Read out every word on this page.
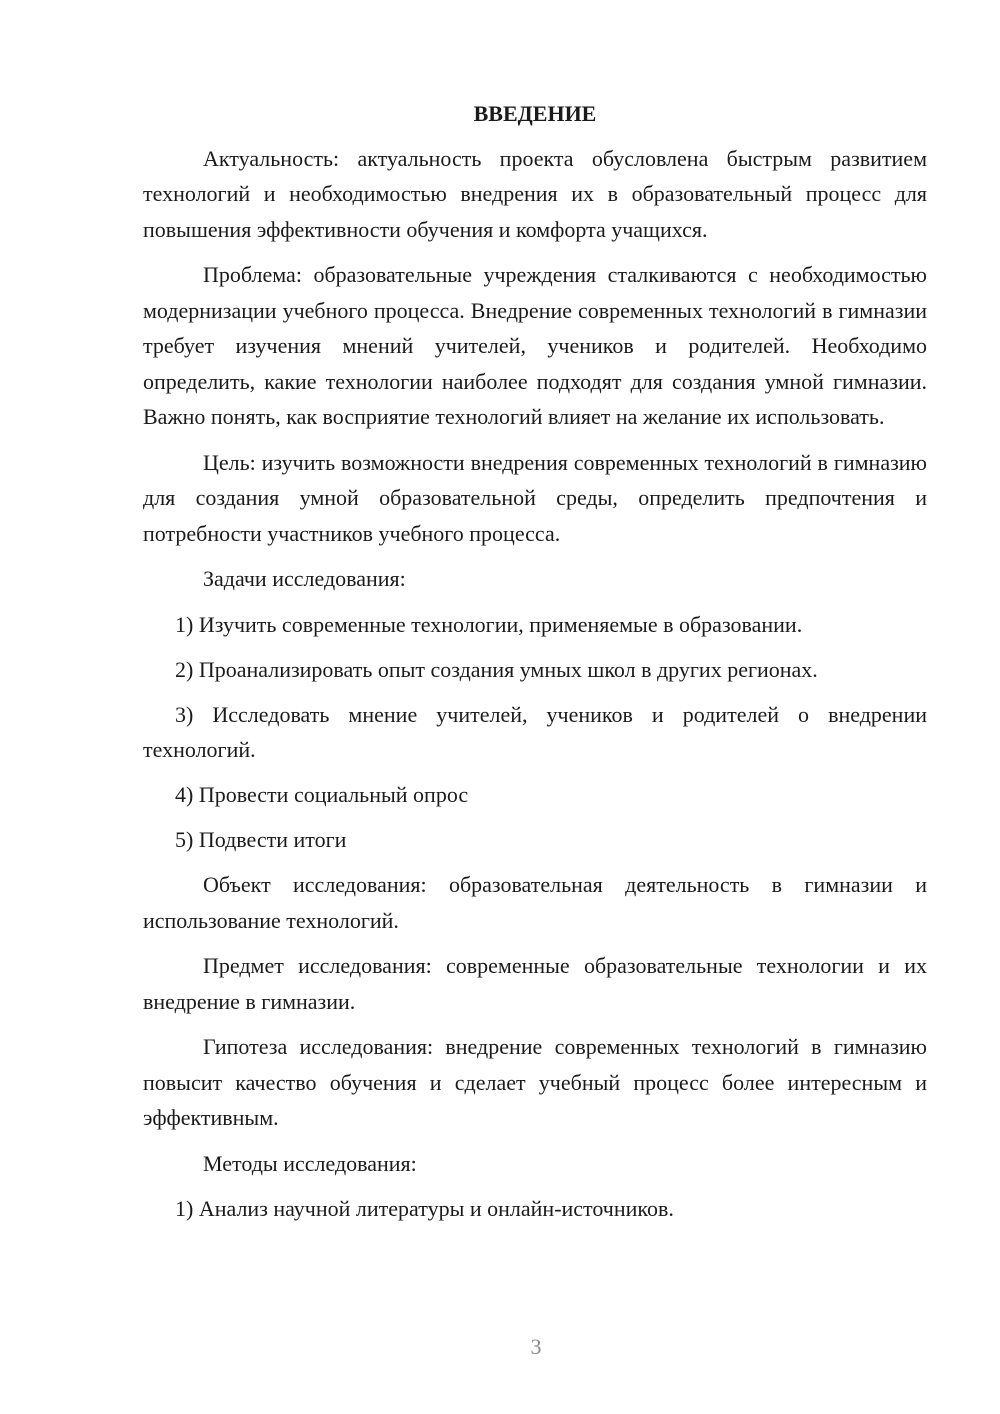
ВВЕДЕНИЕ

Актуальность: актуальность проекта обусловлена быстрым развитием технологий и необходимостью внедрения их в образовательный процесс для повышения эффективности обучения и комфорта учащихся.

Проблема: образовательные учреждения сталкиваются с необходимостью модернизации учебного процесса. Внедрение современных технологий в гимназии требует изучения мнений учителей, учеников и родителей. Необходимо определить, какие технологии наиболее подходят для создания умной гимназии. Важно понять, как восприятие технологий влияет на желание их использовать.

Цель: изучить возможности внедрения современных технологий в гимназию для создания умной образовательной среды, определить предпочтения и потребности участников учебного процесса.

Задачи исследования:

1) Изучить современные технологии, применяемые в образовании.

2) Проанализировать опыт создания умных школ в других регионах.

3) Исследовать мнение учителей, учеников и родителей о внедрении технологий.

4) Провести социальный опрос

5) Подвести итоги

Объект исследования: образовательная деятельность в гимназии и использование технологий.

Предмет исследования: современные образовательные технологии и их внедрение в гимназии.

Гипотеза исследования: внедрение современных технологий в гимназию повысит качество обучения и сделает учебный процесс более интересным и эффективным.

Методы исследования:

1) Анализ научной литературы и онлайн-источников.

3
